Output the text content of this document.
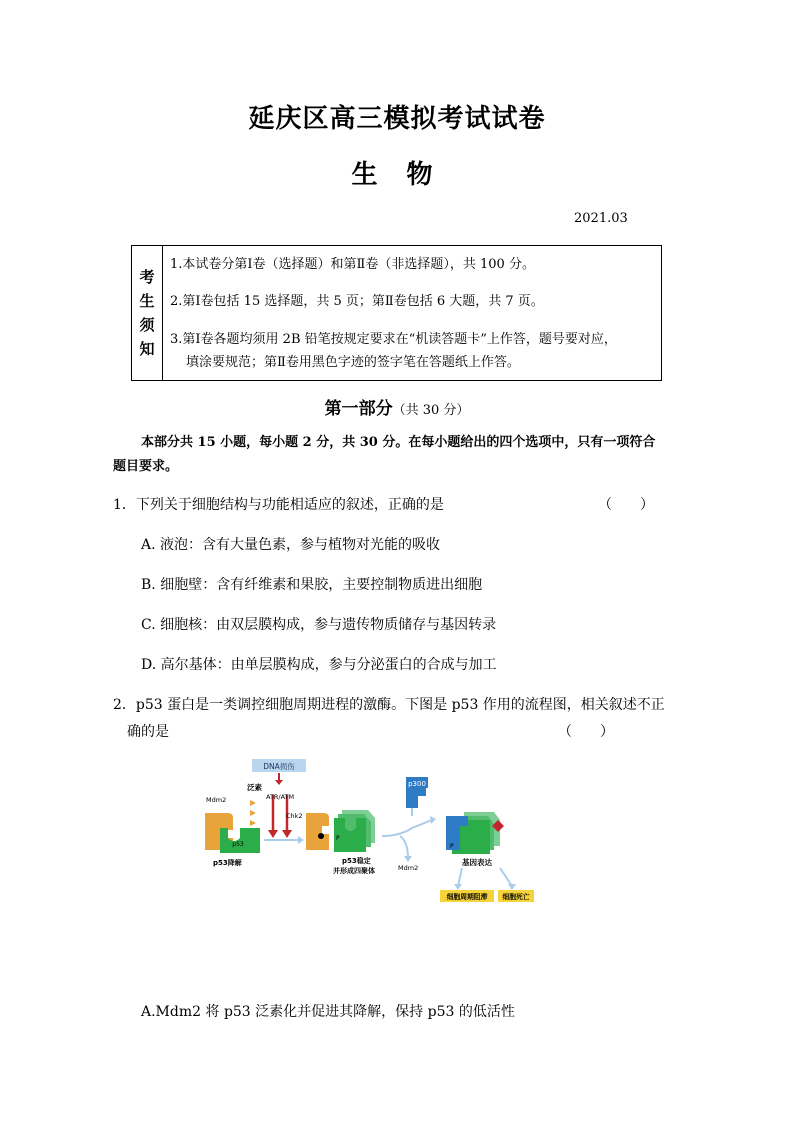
延庆区高三模拟考试试卷
生 物
2021.03
考
生
须
知
1.本试卷分第Ⅰ卷（选择题）和第Ⅱ卷（非选择题），共 100 分。
2.第Ⅰ卷包括 15 选择题，共 5 页；第Ⅱ卷包括 6 大题，共 7 页。
3.第Ⅰ卷各题均须用 2B 铅笔按规定要求在“机读答题卡”上作答，题号要对应，
填涂要规范；第Ⅱ卷用黑色字迹的签字笔在答题纸上作答。
第一部分（共 30 分）
本部分共 15 小题，每小题 2 分，共 30 分。在每小题给出的四个选项中，只有一项符合
题目要求。
1．下列关于细胞结构与功能相适应的叙述，正确的是	（　　）
A. 液泡：含有大量色素，参与植物对光能的吸收
B. 细胞壁：含有纤维素和果胶，主要控制物质进出细胞
C. 细胞核：由双层膜构成，参与遗传物质储存与基因转录
D. 高尔基体：由单层膜构成，参与分泌蛋白的合成与加工
2．p53 蛋白是一类调控细胞周期进程的激酶。下图是 p53 作用的流程图，相关叙述不正
确的是	（　　）
DNA损伤
泛素
ATR/ATM
Chk2
Mdm2
p53
p53降解
P
p53稳定
并形成四聚体	Mdm2
p300
P
基因表达
细胞周期阻滞 细胞死亡
A.Mdm2 将 p53 泛素化并促进其降解，保持 p53 的低活性
